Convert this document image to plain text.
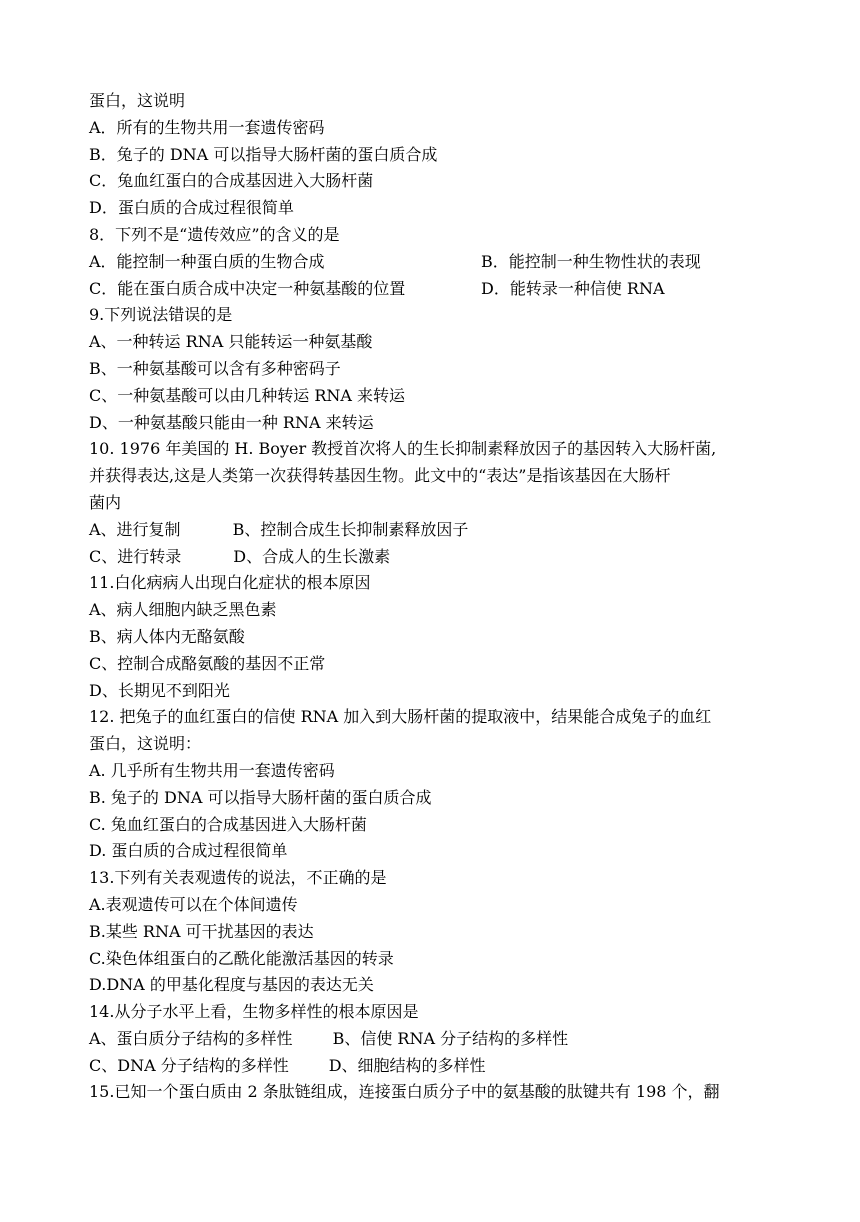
蛋白，这说明
A．所有的生物共用一套遗传密码
B．兔子的 DNA 可以指导大肠杆菌的蛋白质合成
C．兔血红蛋白的合成基因进入大肠杆菌
D．蛋白质的合成过程很简单
8．下列不是“遗传效应”的含义的是
A．能控制一种蛋白质的生物合成	B．能控制一种生物性状的表现
C．能在蛋白质合成中决定一种氨基酸的位置	D．能转录一种信使 RNA
9.下列说法错误的是
A、一种转运 RNA 只能转运一种氨基酸
B、一种氨基酸可以含有多种密码子
C、一种氨基酸可以由几种转运 RNA 来转运
D、一种氨基酸只能由一种 RNA 来转运
10. 1976 年美国的 H. Boyer 教授首次将人的生长抑制素释放因子的基因转入大肠杆菌,
并获得表达,这是人类第一次获得转基因生物。此文中的“表达”是指该基因在大肠杆
菌内
A、进行复制	B、控制合成生长抑制素释放因子
C、进行转录	D、合成人的生长激素
11.白化病病人出现白化症状的根本原因
A、病人细胞内缺乏黑色素
B、病人体内无酪氨酸
C、控制合成酪氨酸的基因不正常
D、长期见不到阳光
12. 把兔子的血红蛋白的信使 RNA 加入到大肠杆菌的提取液中，结果能合成兔子的血红
蛋白，这说明：
A. 几乎所有生物共用一套遗传密码
B. 兔子的 DNA 可以指导大肠杆菌的蛋白质合成
C. 兔血红蛋白的合成基因进入大肠杆菌
D. 蛋白质的合成过程很简单
13.下列有关表观遗传的说法，不正确的是
A.表观遗传可以在个体间遗传
B.某些 RNA 可干扰基因的表达
C.染色体组蛋白的乙酰化能激活基因的转录
D.DNA 的甲基化程度与基因的表达无关
14.从分子水平上看，生物多样性的根本原因是
A、蛋白质分子结构的多样性	B、信使 RNA 分子结构的多样性
C、DNA 分子结构的多样性	D、细胞结构的多样性
15.已知一个蛋白质由 2 条肽链组成，连接蛋白质分子中的氨基酸的肽键共有 198 个，翻
